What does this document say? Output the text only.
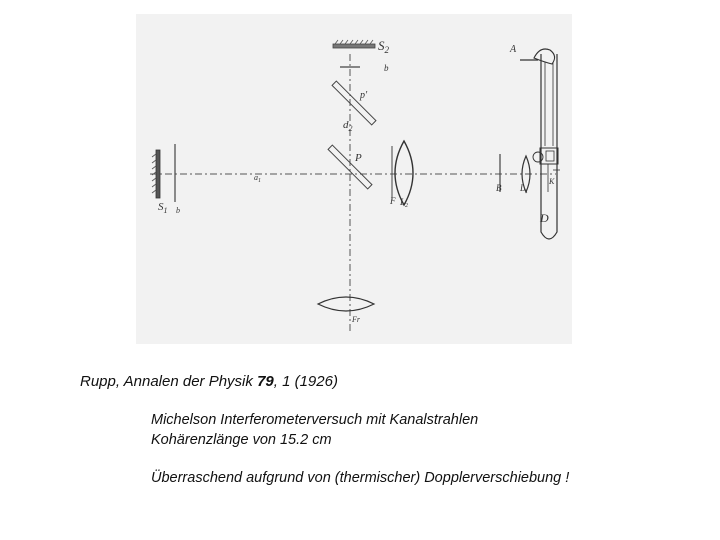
$S_2$
b
p'
$d_2$
P
$a_1$
$S_1$ b
F $L_2$
B $L_1$
A
K
D
Fr

Rupp, Annalen der Physik 79, 1 (1926)

Michelson Interferometerversuch mit Kanalstrahlen

Kohärenzlänge von 15.2 cm

Überraschend aufgrund von (thermischer) Dopplerverschiebung !
